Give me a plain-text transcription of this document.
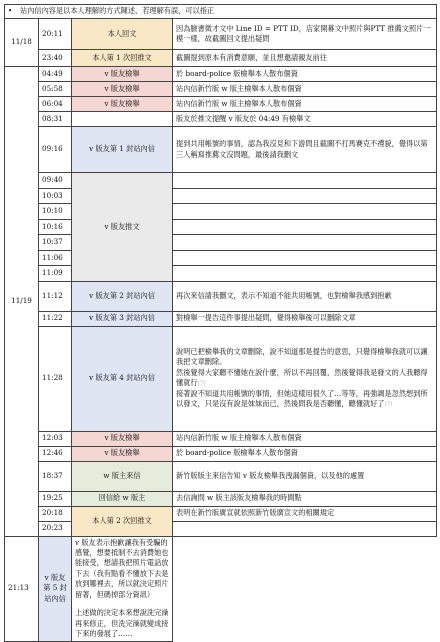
• 站內信內容是以本人理解的方式陳述，若理解有誤，可以指正			
11/18	20:11	本人回文	因為臉書徵才文中 Line ID = PTT ID，店家開幕文中照片與PTT 推薦文照片一模一樣，故截圖回文提出疑問
	23:40	本人第 1 次回推文	截圖提到原本有消費意願，並且想邀請親友前往
11/19	04:49	v 版友檢舉	於 board-police 版檢舉本人散布個資
	05:58	v 版友檢舉	站內信新竹版 w 版主檢舉本人散布個資
	06:04	v 版友檢舉	站內信新竹版 w 版主檢舉本人散布個資
	08:31		版友於推文提醒 v 版友於 04:49 有檢舉文
	09:16	v 版友第 1 封站內信	提到共用帳號的事情，認為我沒見和下游問且截圖不打馬賽克不禮貌，覺得以第三人稱寫推薦文沒問題，最後請我刪文
	09:40	v 版友推文	
	10:03		
	10:10		
	10:16		
	10:37		
	11:06		
	11:09		
	11:12	v 版友第 2 封站內信	再次來信請我刪文，表示不知道不能共用帳號，也對檢舉我感到抱歉
	11:22	v 版友第 3 封站內信	對檢舉一提告這件事提出疑問，覺得檢舉後可以刪除文章
	11:28	v 版友第 4 封站內信	說明已把檢舉我的文章刪除，說不知道那是提告的意思，只覺得檢舉我就可以讓我把文章刪除。

然後覺得大家聽不懂她在說什麼，所以不再回覆，然後覺得我是發文的人我聽得懂就行(?)

接著說不知道共用帳號的事情，但她這樣用很久了…等等，再強調是忽然想到所以發文，只是沒有說是妹妹而已，然後問我是否聽懂，聽懂就好了(?)

	12:03	v 版友檢舉	站內信新竹版 w 版主檢舉本人散布個資
	12:46	v 版友檢舉	於 board-police 版檢舉本人散布個資
	18:37	w 版主來信	新竹版版主來信告知 v 版友檢舉我洩漏個資，以及他的處置
	19:25	回信給 w 版主	去信詢問 w 版主該版友檢舉我的時間點
	20:18	本人第 2 次回推文	表明在新竹版廣宣就依照新竹版廣宣文的相關規定
	20:23		
21:13	v 版友第 5 封站內信	v 版友表示抱歉讓我有受騙的感覺，想要抵制不去消費她也能接受，想請我把照片電話放下去（我有點看不懂放下去是放到哪裡去，所以就決定照片留著，但碼掉部分資訊）

上述做的決定本來想說洗完澡再來修正，但洗完澡就變成接下來的發展了……	
